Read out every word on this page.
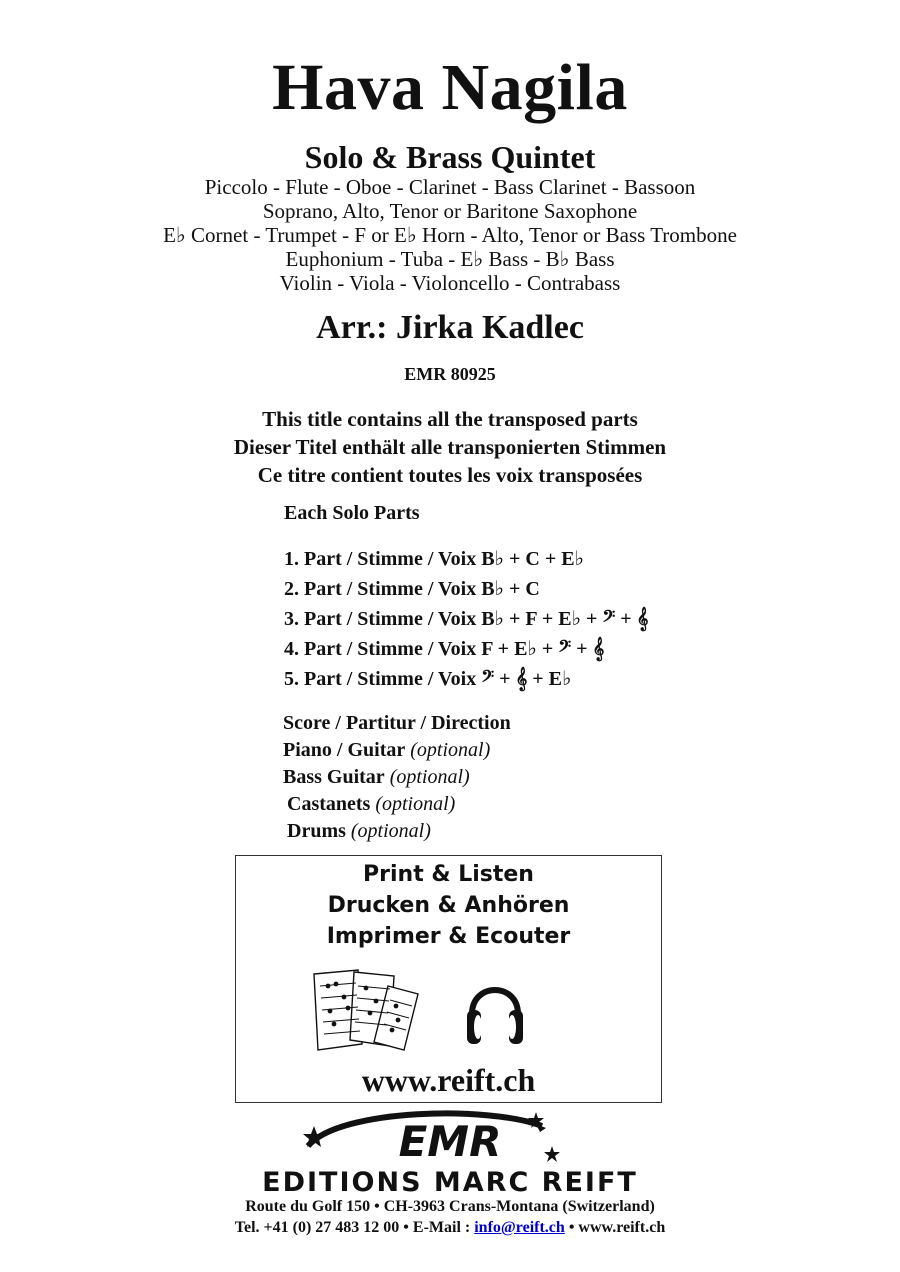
Hava Nagila
Solo & Brass Quintet
Piccolo - Flute - Oboe - Clarinet - Bass Clarinet - Bassoon
Soprano, Alto, Tenor or Baritone Saxophone
E♭ Cornet - Trumpet - F or E♭ Horn - Alto, Tenor or Bass Trombone
Euphonium - Tuba - E♭ Bass - B♭ Bass
Violin - Viola - Violoncello - Contrabass
Arr.: Jirka Kadlec
EMR 80925
This title contains all the transposed parts
Dieser Titel enthält alle transponierten Stimmen
Ce titre contient toutes les voix transposées
Each Solo Parts
1. Part / Stimme / Voix B♭ + C + E♭
2. Part / Stimme / Voix B♭ + C
3. Part / Stimme / Voix B♭ + F + E♭ + 𝄢 + 𝄞
4. Part / Stimme / Voix F + E♭ + 𝄢 + 𝄞
5. Part / Stimme / Voix 𝄢 + 𝄞 + E♭
Score / Partitur / Direction
Piano / Guitar (optional)
Bass Guitar (optional)
Castanets (optional)
Drums (optional)
Print & Listen
Drucken & Anhören
Imprimer & Ecouter
www.reift.ch
EMR
EDITIONS MARC REIFT
Route du Golf 150 • CH-3963 Crans-Montana (Switzerland)
Tel. +41 (0) 27 483 12 00 • E-Mail : info@reift.ch • www.reift.ch
